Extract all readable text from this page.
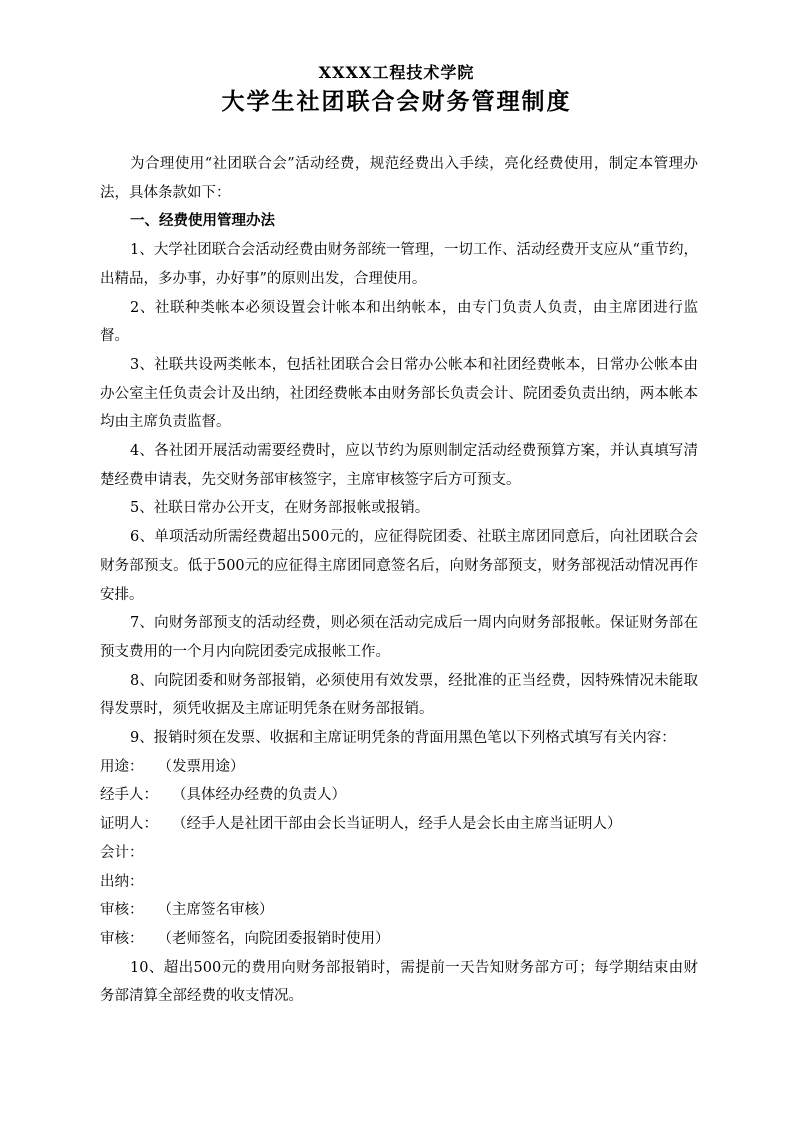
XXXX工程技术学院
大学生社团联合会财务管理制度

为合理使用“社团联合会”活动经费，规范经费出入手续，亮化经费使用，制定本管理办法，具体条款如下：

一、经费使用管理办法

1、大学社团联合会活动经费由财务部统一管理，一切工作、活动经费开支应从“重节约，出精品，多办事，办好事”的原则出发，合理使用。

2、社联种类帐本必须设置会计帐本和出纳帐本，由专门负责人负责，由主席团进行监督。

3、社联共设两类帐本，包括社团联合会日常办公帐本和社团经费帐本，日常办公帐本由办公室主任负责会计及出纳，社团经费帐本由财务部长负责会计、院团委负责出纳，两本帐本均由主席负责监督。

4、各社团开展活动需要经费时，应以节约为原则制定活动经费预算方案，并认真填写清楚经费申请表，先交财务部审核签字，主席审核签字后方可预支。

5、社联日常办公开支，在财务部报帐或报销。

6、单项活动所需经费超出500元的，应征得院团委、社联主席团同意后，向社团联合会财务部预支。低于500元的应征得主席团同意签名后，向财务部预支，财务部视活动情况再作安排。

7、向财务部预支的活动经费，则必须在活动完成后一周内向财务部报帐。保证财务部在预支费用的一个月内向院团委完成报帐工作。

8、向院团委和财务部报销，必须使用有效发票，经批准的正当经费，因特殊情况未能取得发票时，须凭收据及主席证明凭条在财务部报销。

9、报销时须在发票、收据和主席证明凭条的背面用黑色笔以下列格式填写有关内容：

用途： （发票用途）
经手人： （具体经办经费的负责人）
证明人： （经手人是社团干部由会长当证明人，经手人是会长由主席当证明人）
会计：
出纳：
审核： （主席签名审核）
审核： （老师签名，向院团委报销时使用）

10、超出500元的费用向财务部报销时，需提前一天告知财务部方可；每学期结束由财务部清算全部经费的收支情况。
